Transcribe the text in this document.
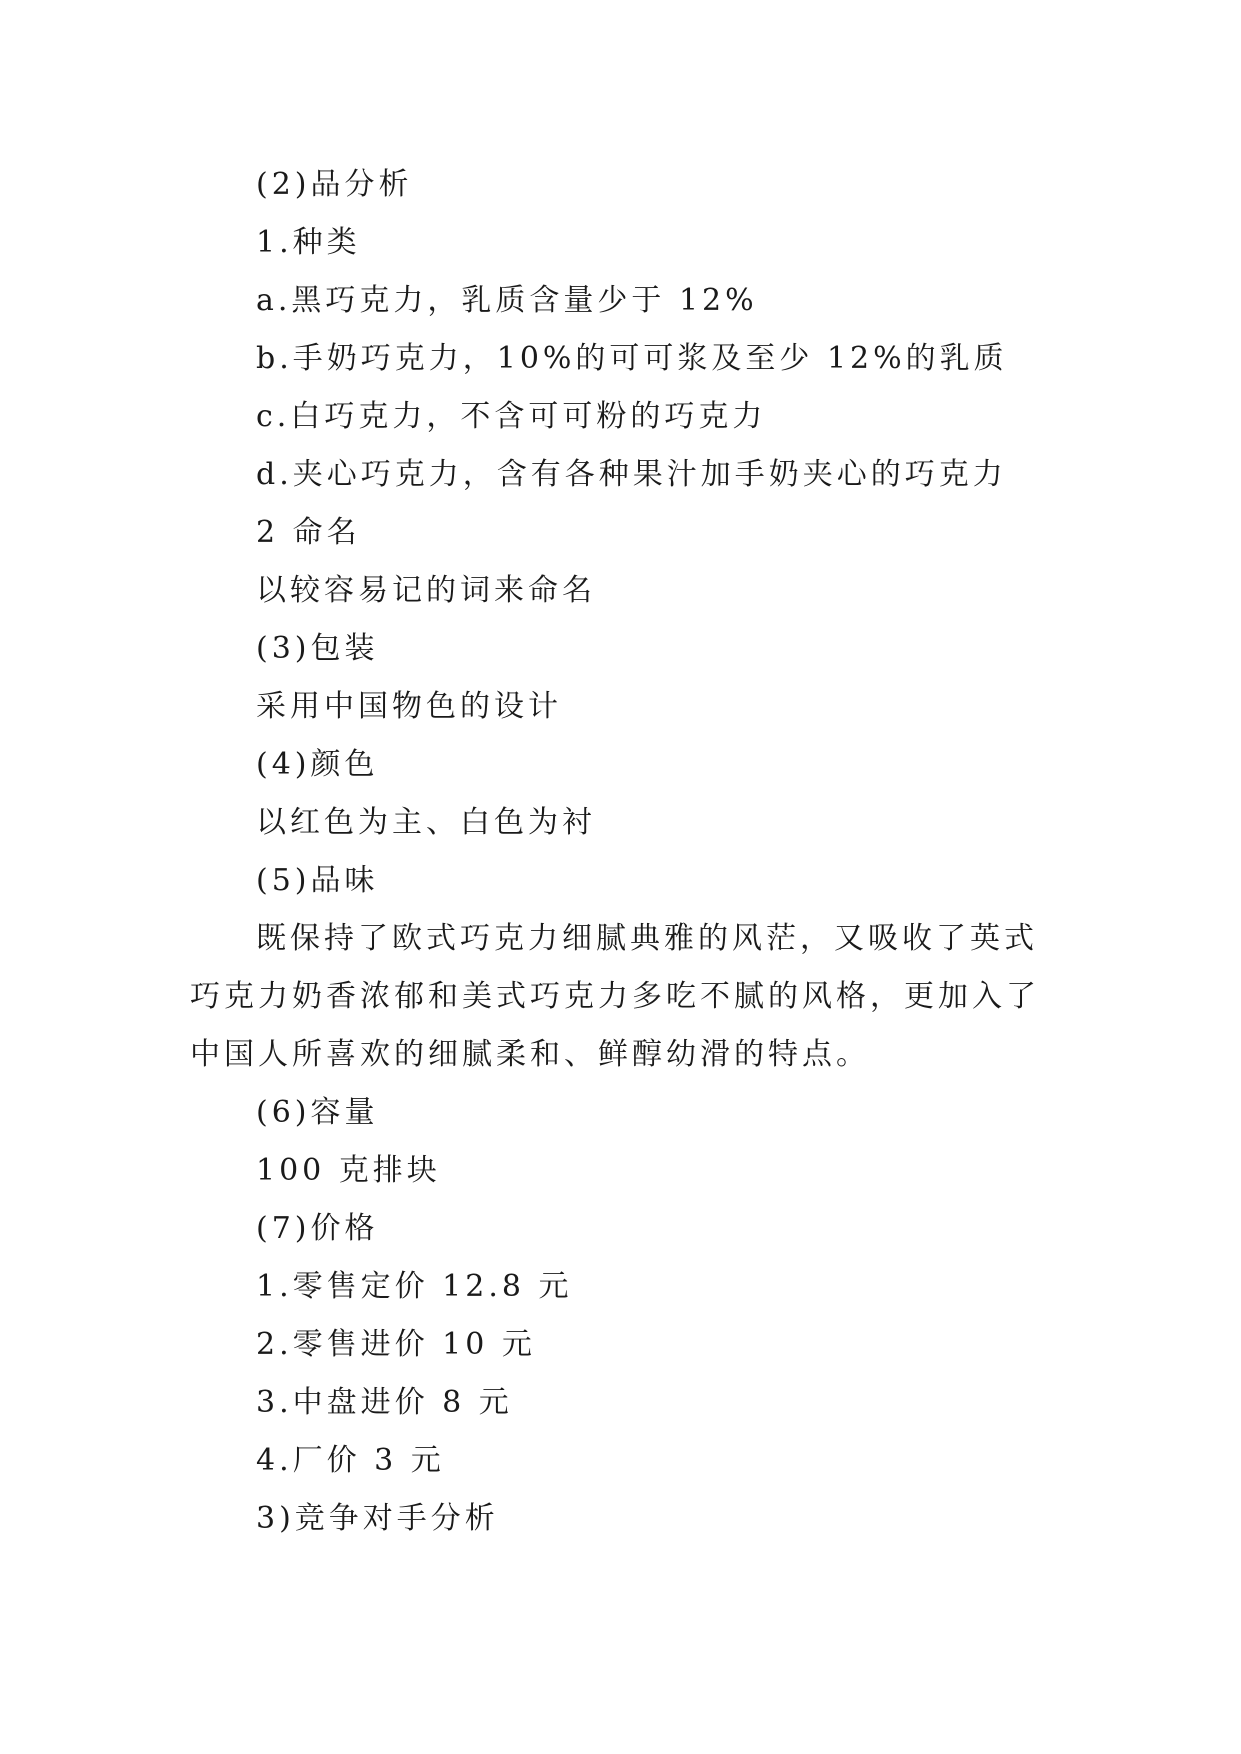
(2)品分析
1.种类
a.黑巧克力，乳质含量少于 12%
b.手奶巧克力，10%的可可浆及至少 12%的乳质
c.白巧克力，不含可可粉的巧克力
d.夹心巧克力，含有各种果汁加手奶夹心的巧克力
2 命名
以较容易记的词来命名
(3)包装
采用中国物色的设计
(4)颜色
以红色为主、白色为衬
(5)品味

既保持了欧式巧克力细腻典雅的风茫，又吸收了英式巧克力奶香浓郁和美式巧克力多吃不腻的风格，更加入了中国人所喜欢的细腻柔和、鲜醇幼滑的特点。

(6)容量
100 克排块
(7)价格
1.零售定价 12.8 元
2.零售进价 10 元
3.中盘进价 8 元
4.厂价 3 元
3)竞争对手分析
